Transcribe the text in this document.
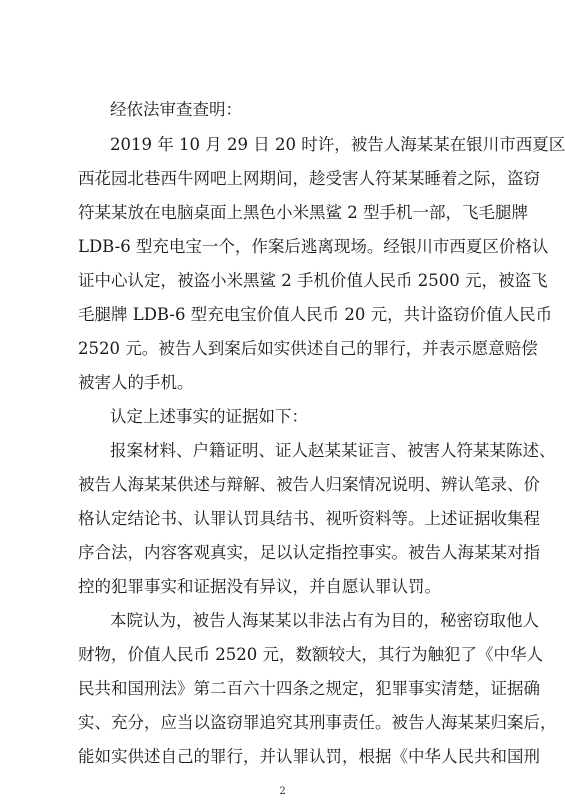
经依法审查查明：
2019 年 10 月 29 日 20 时许，被告人海某某在银川市西夏区
西花园北巷西牛网吧上网期间，趁受害人符某某睡着之际，盗窃
符某某放在电脑桌面上黑色小米黑鲨 2 型手机一部，飞毛腿牌
LDB-6 型充电宝一个，作案后逃离现场。经银川市西夏区价格认
证中心认定，被盗小米黑鲨 2 手机价值人民币 2500 元，被盗飞
毛腿牌 LDB-6 型充电宝价值人民币 20 元，共计盗窃价值人民币
2520 元。被告人到案后如实供述自己的罪行，并表示愿意赔偿
被害人的手机。
认定上述事实的证据如下：
报案材料、户籍证明、证人赵某某证言、被害人符某某陈述、
被告人海某某供述与辩解、被告人归案情况说明、辨认笔录、价
格认定结论书、认罪认罚具结书、视听资料等。上述证据收集程
序合法，内容客观真实，足以认定指控事实。被告人海某某对指
控的犯罪事实和证据没有异议，并自愿认罪认罚。
本院认为，被告人海某某以非法占有为目的，秘密窃取他人
财物，价值人民币 2520 元，数额较大，其行为触犯了《中华人
民共和国刑法》第二百六十四条之规定，犯罪事实清楚，证据确
实、充分，应当以盗窃罪追究其刑事责任。被告人海某某归案后，
能如实供述自己的罪行，并认罪认罚，根据《中华人民共和国刑
2
